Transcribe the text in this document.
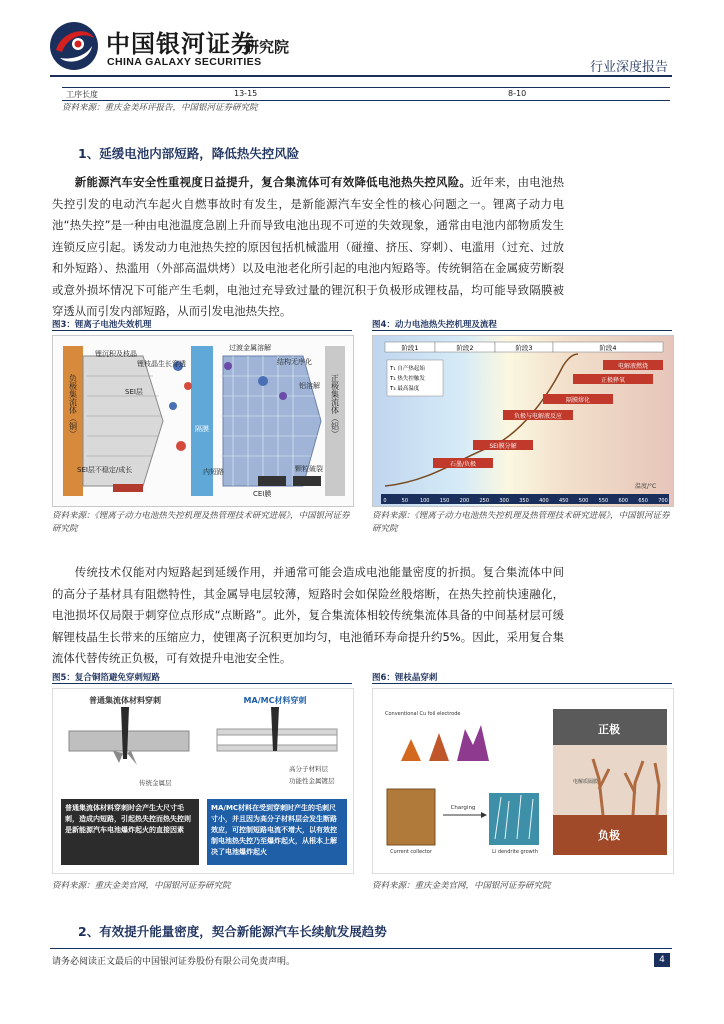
中国银河证券
CHINA GALAXY SECURITIES
研究院
行业深度报告
工序长度	13-15	8-10
资料来源：重庆金美环评报告，中国银河证券研究院
1、延缓电池内部短路，降低热失控风险
新能源汽车安全性重视度日益提升，复合集流体可有效降低电池热失控风险。近年来，由电池热失控引发的电动汽车起火自燃事故时有发生，是新能源汽车安全性的核心问题之一。锂离子动力电池“热失控”是一种由电池温度急剧上升而导致电池出现不可逆的失效现象，通常由电池内部物质发生连锁反应引起。诱发动力电池热失控的原因包括机械滥用（碰撞、挤压、穿刺）、电滥用（过充、过放和外短路）、热滥用（外部高温烘烤）以及电池老化所引起的电池内短路等。传统铜箔在金属疲劳断裂或意外损坏情况下可能产生毛刺，电池过充导致过量的锂沉积于负极形成锂枝晶，均可能导致隔膜被穿透从而引发内部短路，从而引发电池热失控。
图3：锂离子电池失效机理
负极集流体（铜）	隔膜	正极集流体（铝）
锂沉积及枝晶
锂枝晶生长穿透
SEI层
过渡金属溶解
结构无序化
铝溶解
SEI层不稳定/成长	内短路
CEI膜
颗粒破裂
资料来源：《锂离子动力电池热失控机理及热管理技术研究进展》，中国银河证券研究院
图4：动力电池热失控机理及流程
阶段1	阶段2	阶段3	阶段4
电解液燃烧
正极释氧
隔膜熔化
负极与电解液反应
SEI膜分解
石墨/负极
T₁ 自产热起始
T₂ 热失控触发
T₃ 最高温度
0	50 100 150 200 250 300 350 400 450 500 550 600 650 700
温度/°C
资料来源：《锂离子动力电池热失控机理及热管理技术研究进展》，中国银河证券研究院
传统技术仅能对内短路起到延缓作用，并通常可能会造成电池能量密度的折损。复合集流体中间的高分子基材具有阻燃特性，其金属导电层较薄，短路时会如保险丝般熔断，在热失控前快速融化，电池损坏仅局限于刺穿位点形成“点断路”。此外，复合集流体相较传统集流体具备的中间基材层可缓解锂枝晶生长带来的压缩应力，使锂离子沉积更加均匀，电池循环寿命提升约5%。因此，采用复合集流体代替传统正负极，可有效提升电池安全性。
图5：复合铜箔避免穿刺短路
普通集流体材料穿刺	MA/MC材料穿刺
传统金属层
高分子材料层
功能性金属镀层
普通集流体材料穿刺时会产生大尺寸毛刺，造成内短路，引起热失控而热失控则是新能源汽车电池爆炸起火的直接因素
MA/MC材料在受到穿刺时产生的毛刺尺寸小，并且因为高分子材料层会发生断路效应，可控制短路电流不增大，以有效控制电池热失控乃至爆炸起火，从根本上解决了电池爆炸起火
资料来源：重庆金美官网，中国银河证券研究院
图6：锂枝晶穿刺
Conventional Cu foil electrode
Current collector
Charging
Li dendrite growth
正极
电解质隔膜
负极
资料来源：重庆金美官网，中国银河证券研究院
2、有效提升能量密度，契合新能源汽车长续航发展趋势
请务必阅读正文最后的中国银河证券股份有限公司免责声明。	4
